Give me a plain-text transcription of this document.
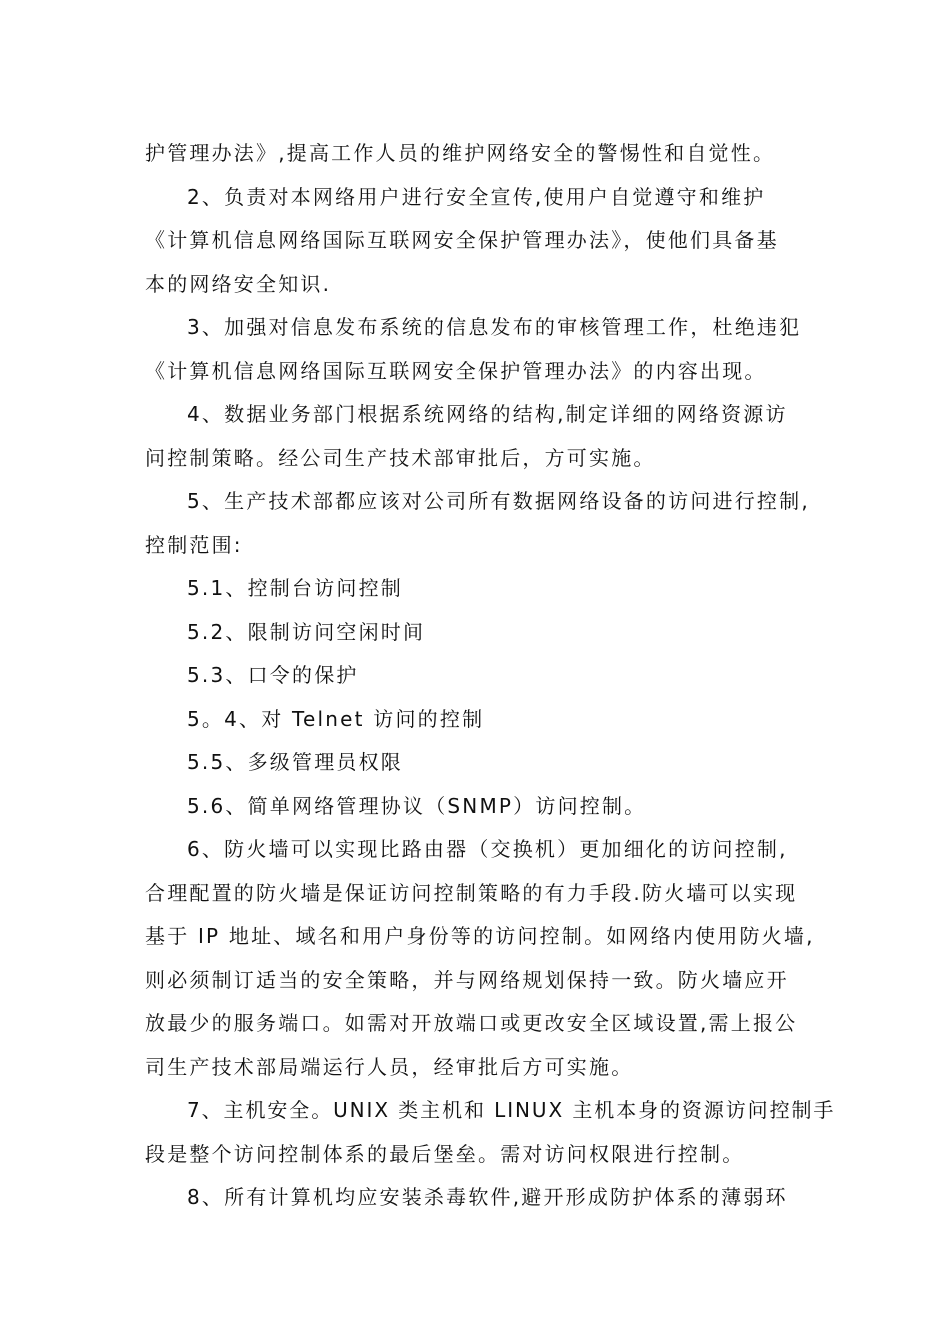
护管理办法》,提高工作人员的维护网络安全的警惕性和自觉性。
2、负责对本网络用户进行安全宣传,使用户自觉遵守和维护
《计算机信息网络国际互联网安全保护管理办法》，使他们具备基
本的网络安全知识.
3、加强对信息发布系统的信息发布的审核管理工作，杜绝违犯
《计算机信息网络国际互联网安全保护管理办法》的内容出现。
4、数据业务部门根据系统网络的结构,制定详细的网络资源访
问控制策略。经公司生产技术部审批后，方可实施。
5、生产技术部都应该对公司所有数据网络设备的访问进行控制,
控制范围:
5.1、控制台访问控制
5.2、限制访问空闲时间
5.3、口令的保护
5。4、对 Telnet 访问的控制
5.5、多级管理员权限
5.6、简单网络管理协议（SNMP）访问控制。
6、防火墙可以实现比路由器（交换机）更加细化的访问控制,
合理配置的防火墙是保证访问控制策略的有力手段.防火墙可以实现
基于 IP 地址、域名和用户身份等的访问控制。如网络内使用防火墙,
则必须制订适当的安全策略，并与网络规划保持一致。防火墙应开
放最少的服务端口。如需对开放端口或更改安全区域设置,需上报公
司生产技术部局端运行人员，经审批后方可实施。
7、主机安全。UNIX 类主机和 LINUX 主机本身的资源访问控制手
段是整个访问控制体系的最后堡垒。需对访问权限进行控制。
8、所有计算机均应安装杀毒软件,避开形成防护体系的薄弱环
